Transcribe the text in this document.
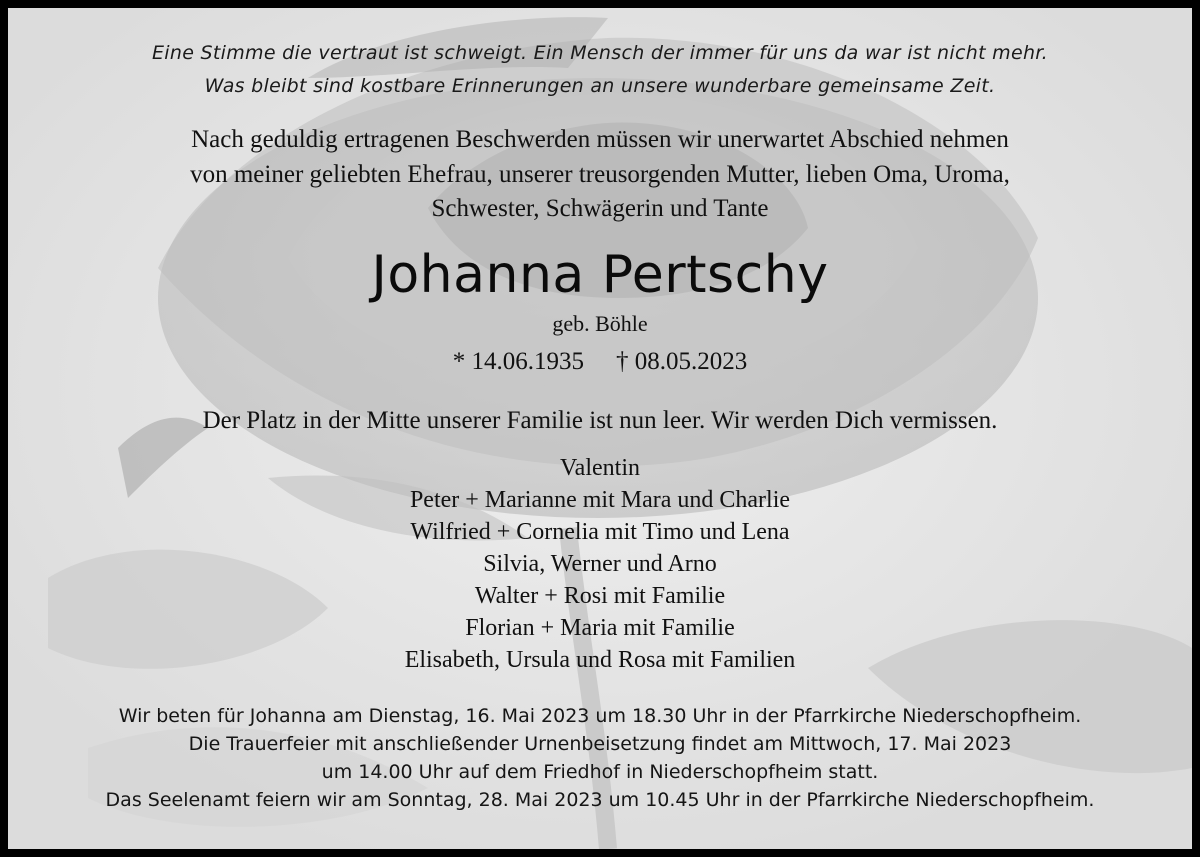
Eine Stimme die vertraut ist schweigt. Ein Mensch der immer für uns da war ist nicht mehr.
Was bleibt sind kostbare Erinnerungen an unsere wunderbare gemeinsame Zeit.
Nach geduldig ertragenen Beschwerden müssen wir unerwartet Abschied nehmen
von meiner geliebten Ehefrau, unserer treusorgenden Mutter, lieben Oma, Uroma,
Schwester, Schwägerin und Tante
Johanna Pertschy
geb. Böhle
* 14.06.1935 † 08.05.2023
Der Platz in der Mitte unserer Familie ist nun leer. Wir werden Dich vermissen.
Valentin
Peter + Marianne mit Mara und Charlie
Wilfried + Cornelia mit Timo und Lena
Silvia, Werner und Arno
Walter + Rosi mit Familie
Florian + Maria mit Familie
Elisabeth, Ursula und Rosa mit Familien
Wir beten für Johanna am Dienstag, 16. Mai 2023 um 18.30 Uhr in der Pfarrkirche Niederschopfheim.
Die Trauerfeier mit anschließender Urnenbeisetzung findet am Mittwoch, 17. Mai 2023
um 14.00 Uhr auf dem Friedhof in Niederschopfheim statt.
Das Seelenamt feiern wir am Sonntag, 28. Mai 2023 um 10.45 Uhr in der Pfarrkirche Niederschopfheim.
